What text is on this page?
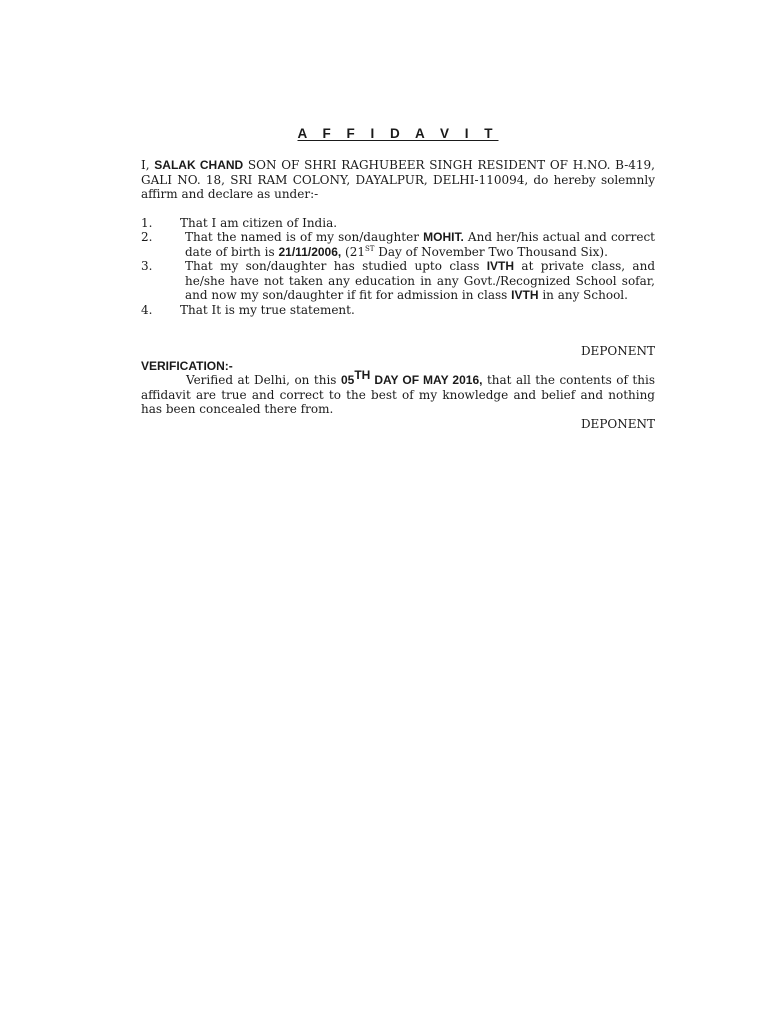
A F F I D A V I T

I, SALAK CHAND SON OF SHRI RAGHUBEER SINGH RESIDENT OF H.NO. B-419, GALI NO. 18, SRI RAM COLONY, DAYALPUR, DELHI-110094, do hereby solemnly affirm and declare as under:-

1. That I am citizen of India.
2.	That the named is of my son/daughter MOHIT. And her/his actual and correct date of birth is 21/11/2006, (21ST Day of November Two Thousand Six).
3.	That my son/daughter has studied upto class IVTH at private class, and he/she have not taken any education in any Govt./Recognized School sofar, and now my son/daughter if fit for admission in class IVTH in any School.
4. That It is my true statement.

DEPONENT

VERIFICATION:-

Verified at Delhi, on this 05TH DAY OF MAY 2016, that all the contents of this affidavit are true and correct to the best of my knowledge and belief and nothing has been concealed there from.

DEPONENT
